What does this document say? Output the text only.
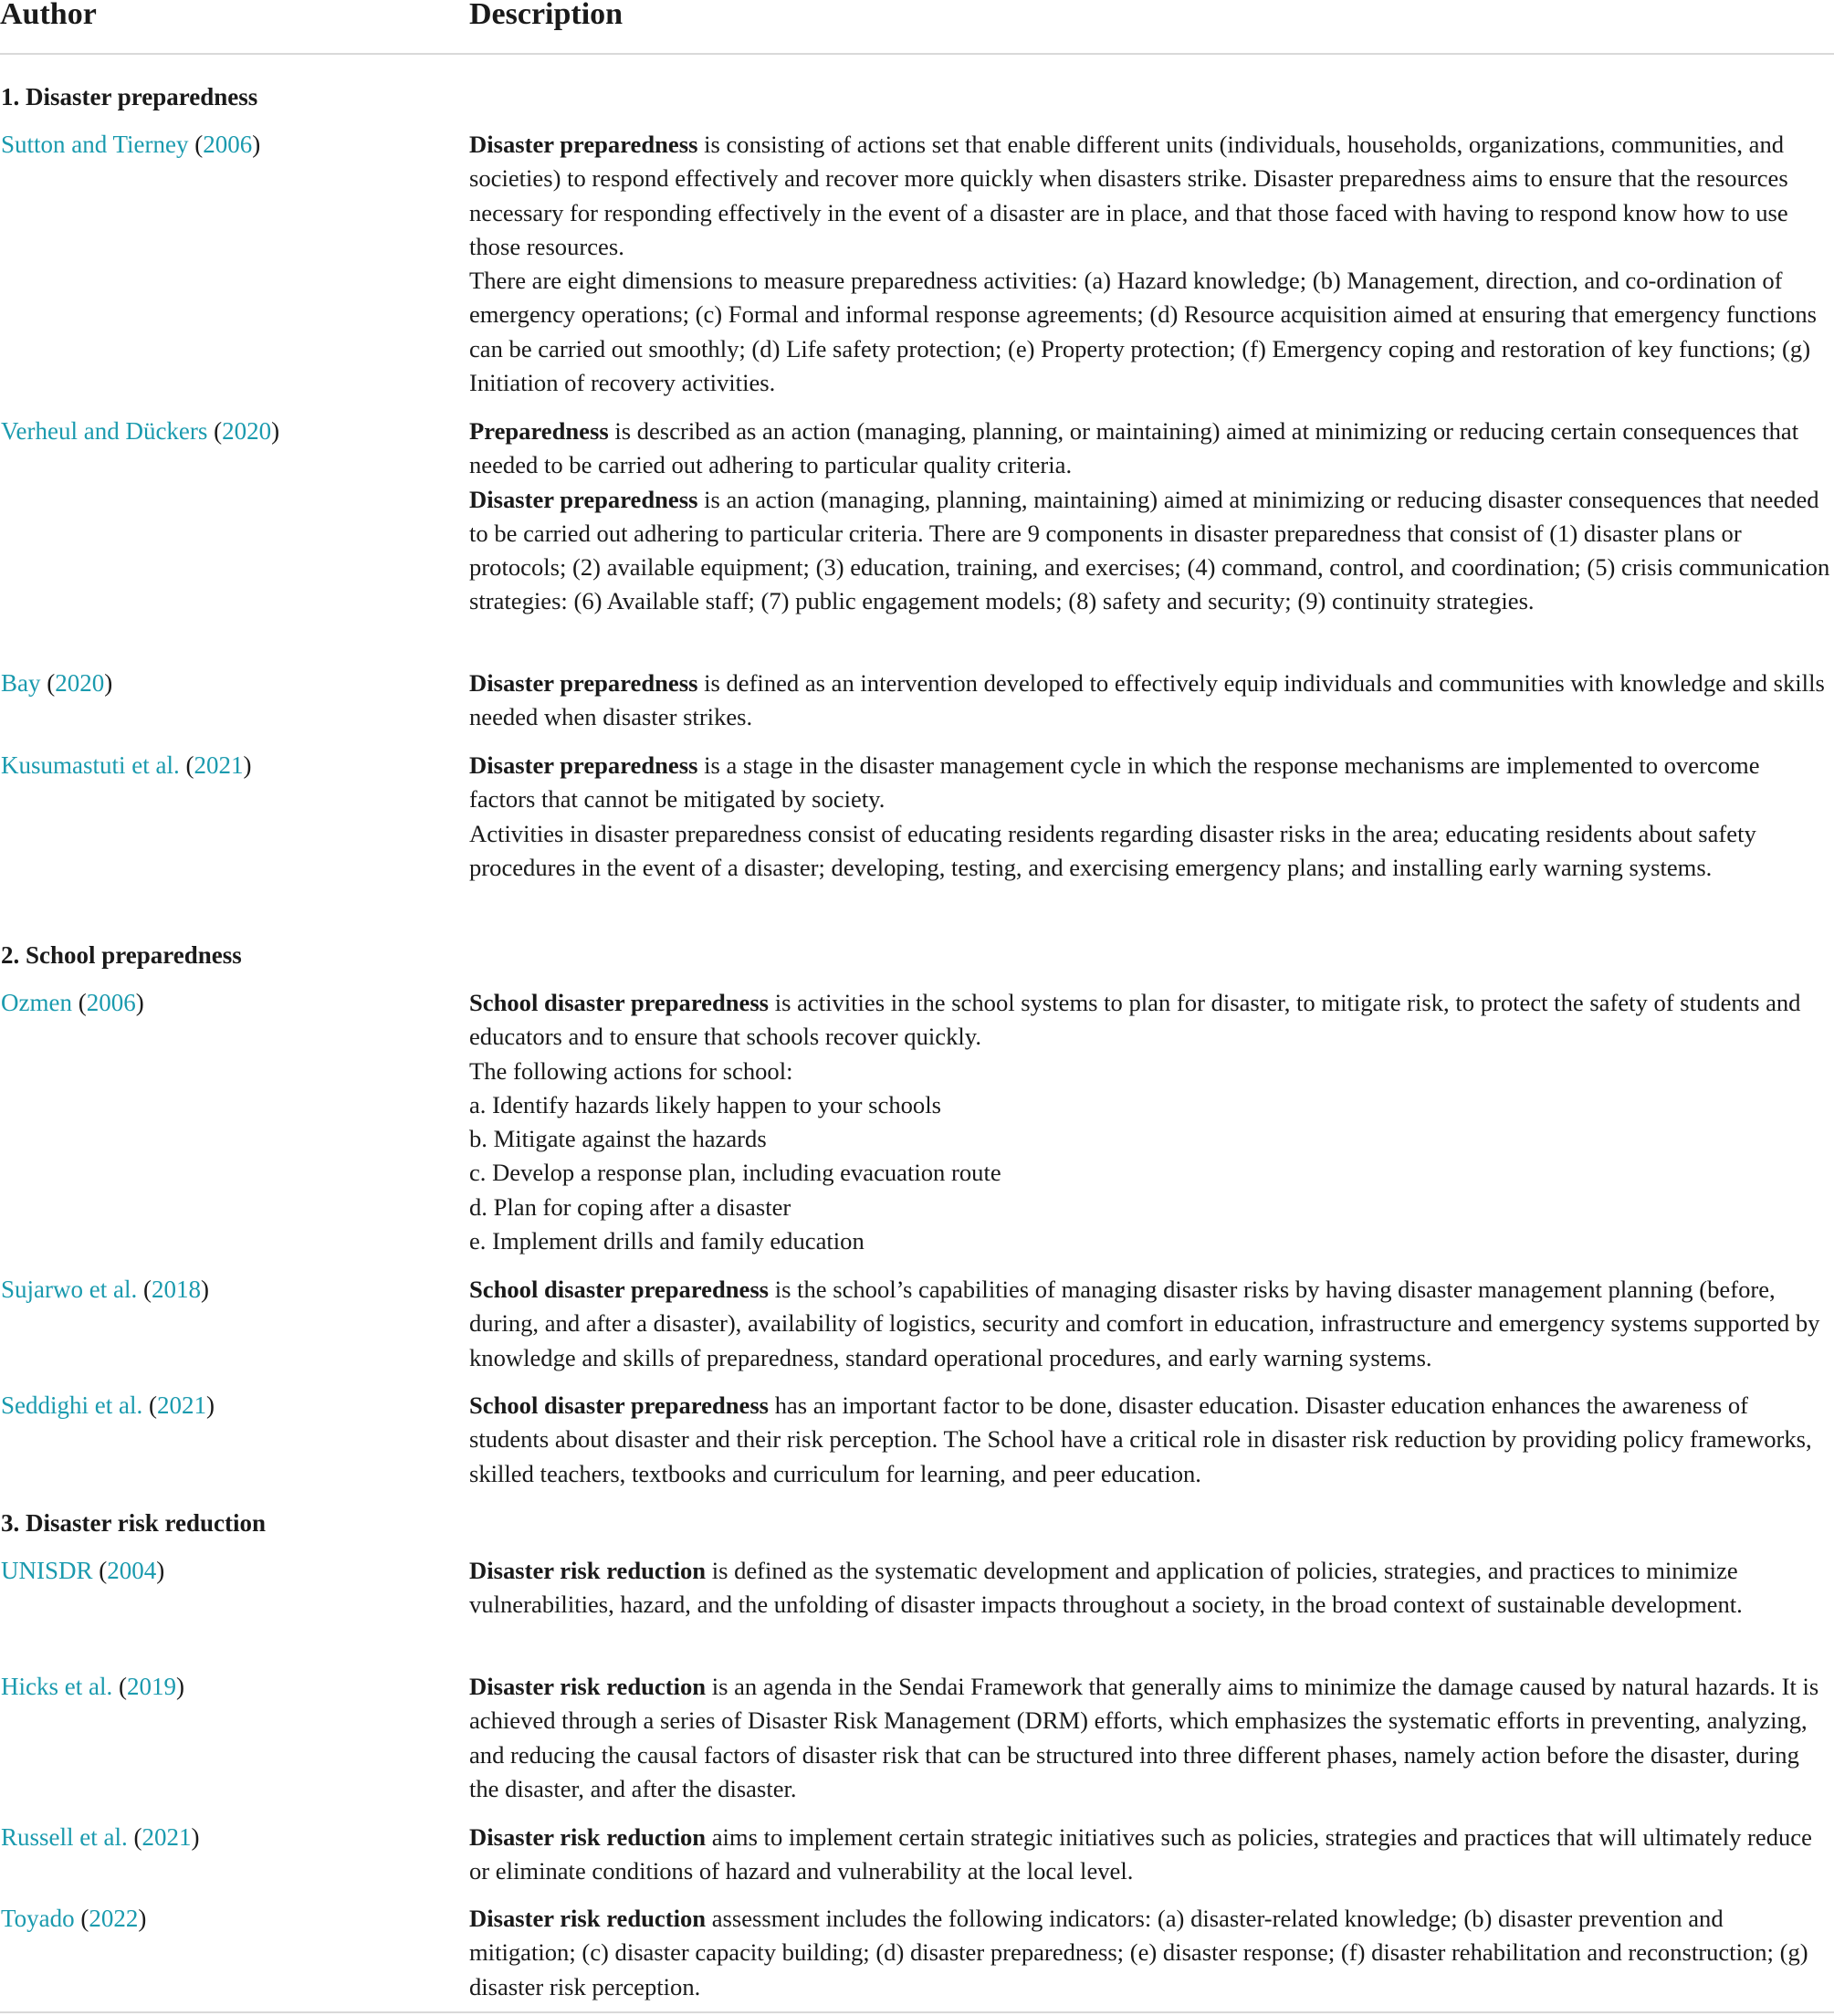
Author	Description
1. Disaster preparedness
Sutton and Tierney (2006)	Disaster preparedness is consisting of actions set that enable different units (individuals, households, organizations, communities, and societies) to respond effectively and recover more quickly when disasters strike. Disaster preparedness aims to ensure that the resources necessary for responding effectively in the event of a disaster are in place, and that those faced with having to respond know how to use those resources.

There are eight dimensions to measure preparedness activities: (a) Hazard knowledge; (b) Management, direction, and co-ordination of emergency operations; (c) Formal and informal response agreements; (d) Resource acquisition aimed at ensuring that emergency functions can be carried out smoothly; (d) Life safety protection; (e) Property protection; (f) Emergency coping and restoration of key functions; (g) Initiation of recovery activities.

Verheul and Dückers (2020)	Preparedness is described as an action (managing, planning, or maintaining) aimed at minimizing or reducing certain consequences that needed to be carried out adhering to particular quality criteria.

Disaster preparedness is an action (managing, planning, maintaining) aimed at minimizing or reducing disaster consequences that needed to be carried out adhering to particular criteria. There are 9 components in disaster preparedness that consist of (1) disaster plans or protocols; (2) available equipment; (3) education, training, and exercises; (4) command, control, and coordination; (5) crisis communication strategies: (6) Available staff; (7) public engagement models; (8) safety and security; (9) continuity strategies.

Bay (2020)	Disaster preparedness is defined as an intervention developed to effectively equip individuals and communities with knowledge and skills needed when disaster strikes.

Kusumastuti et al. (2021)	Disaster preparedness is a stage in the disaster management cycle in which the response mechanisms are implemented to overcome factors that cannot be mitigated by society.

Activities in disaster preparedness consist of educating residents regarding disaster risks in the area; educating residents about safety procedures in the event of a disaster; developing, testing, and exercising emergency plans; and installing early warning systems.

2. School preparedness
Ozmen (2006)	School disaster preparedness is activities in the school systems to plan for disaster, to mitigate risk, to protect the safety of students and educators and to ensure that schools recover quickly.

The following actions for school:

a. Identify hazards likely happen to your schools

b. Mitigate against the hazards

c. Develop a response plan, including evacuation route

d. Plan for coping after a disaster

e. Implement drills and family education

Sujarwo et al. (2018)	School disaster preparedness is the school’s capabilities of managing disaster risks by having disaster management planning (before, during, and after a disaster), availability of logistics, security and comfort in education, infrastructure and emergency systems supported by knowledge and skills of preparedness, standard operational procedures, and early warning systems.

Seddighi et al. (2021)	School disaster preparedness has an important factor to be done, disaster education. Disaster education enhances the awareness of students about disaster and their risk perception. The School have a critical role in disaster risk reduction by providing policy frameworks, skilled teachers, textbooks and curriculum for learning, and peer education.

3. Disaster risk reduction
UNISDR (2004)	Disaster risk reduction is defined as the systematic development and application of policies, strategies, and practices to minimize vulnerabilities, hazard, and the unfolding of disaster impacts throughout a society, in the broad context of sustainable development.

Hicks et al. (2019)	Disaster risk reduction is an agenda in the Sendai Framework that generally aims to minimize the damage caused by natural hazards. It is achieved through a series of Disaster Risk Management (DRM) efforts, which emphasizes the systematic efforts in preventing, analyzing, and reducing the causal factors of disaster risk that can be structured into three different phases, namely action before the disaster, during the disaster, and after the disaster.

Russell et al. (2021)	Disaster risk reduction aims to implement certain strategic initiatives such as policies, strategies and practices that will ultimately reduce or eliminate conditions of hazard and vulnerability at the local level.

Toyado (2022)	Disaster risk reduction assessment includes the following indicators: (a) disaster-related knowledge; (b) disaster prevention and mitigation; (c) disaster capacity building; (d) disaster preparedness; (e) disaster response; (f) disaster rehabilitation and reconstruction; (g) disaster risk perception.
